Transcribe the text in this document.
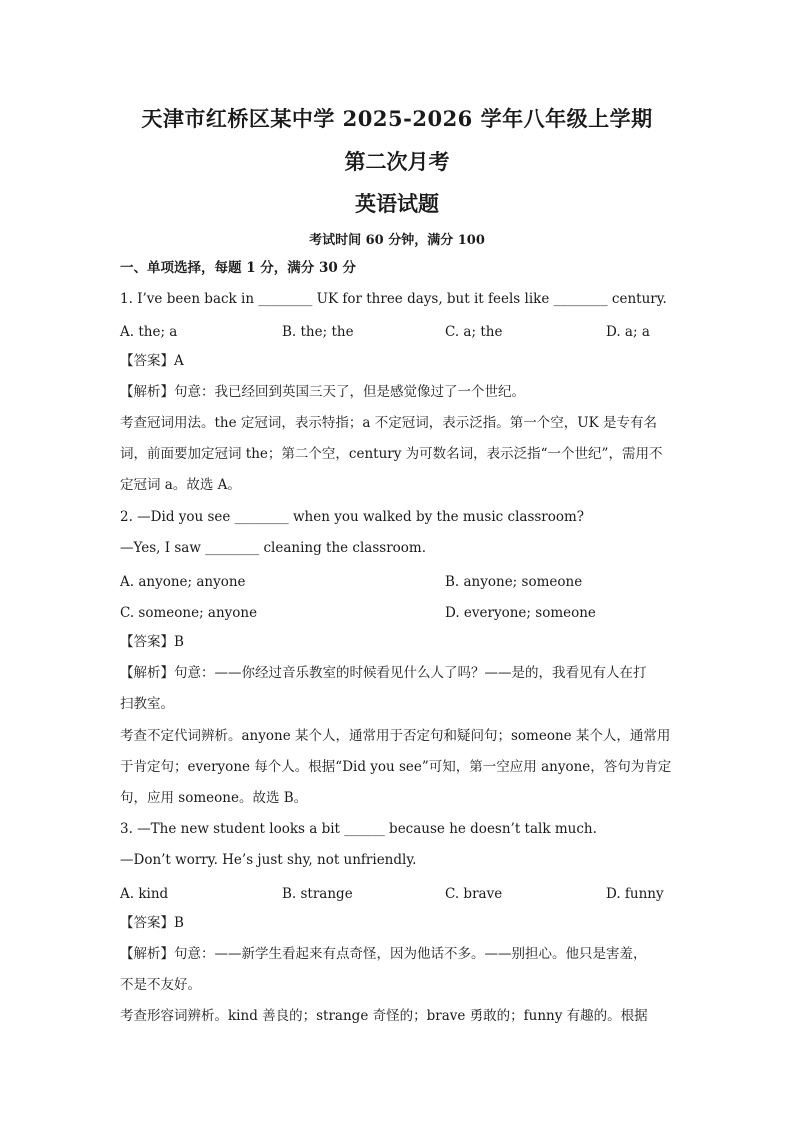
天津市红桥区某中学 2025-2026 学年八年级上学期
第二次月考
英语试题
考试时间 60 分钟，满分 100
一、单项选择，每题 1 分，满分 30 分
1. I’ve been back in ________ UK for three days, but it feels like ________ century.
A. the; a	B. the; the	C. a; the	D. a; a
【答案】A
【解析】句意：我已经回到英国三天了，但是感觉像过了一个世纪。
考查冠词用法。the 定冠词，表示特指；a 不定冠词，表示泛指。第一个空，UK 是专有名
词，前面要加定冠词 the；第二个空，century 为可数名词，表示泛指“一个世纪”，需用不
定冠词 a。故选 A。
2. —Did you see ________ when you walked by the music classroom?
—Yes, I saw ________ cleaning the classroom.
A. anyone; anyone	B. anyone; someone
C. someone; anyone	D. everyone; someone
【答案】B
【解析】句意：——你经过音乐教室的时候看见什么人了吗？——是的，我看见有人在打
扫教室。
考查不定代词辨析。anyone 某个人，通常用于否定句和疑问句；someone 某个人，通常用
于肯定句；everyone 每个人。根据“Did you see”可知，第一空应用 anyone，答句为肯定
句，应用 someone。故选 B。
3. —The new student looks a bit ______ because he doesn’t talk much.
—Don’t worry. He’s just shy, not unfriendly.
A. kind	B. strange	C. brave	D. funny
【答案】B
【解析】句意：——新学生看起来有点奇怪，因为他话不多。——别担心。他只是害羞，
不是不友好。
考查形容词辨析。kind 善良的；strange 奇怪的；brave 勇敢的；funny 有趣的。根据
